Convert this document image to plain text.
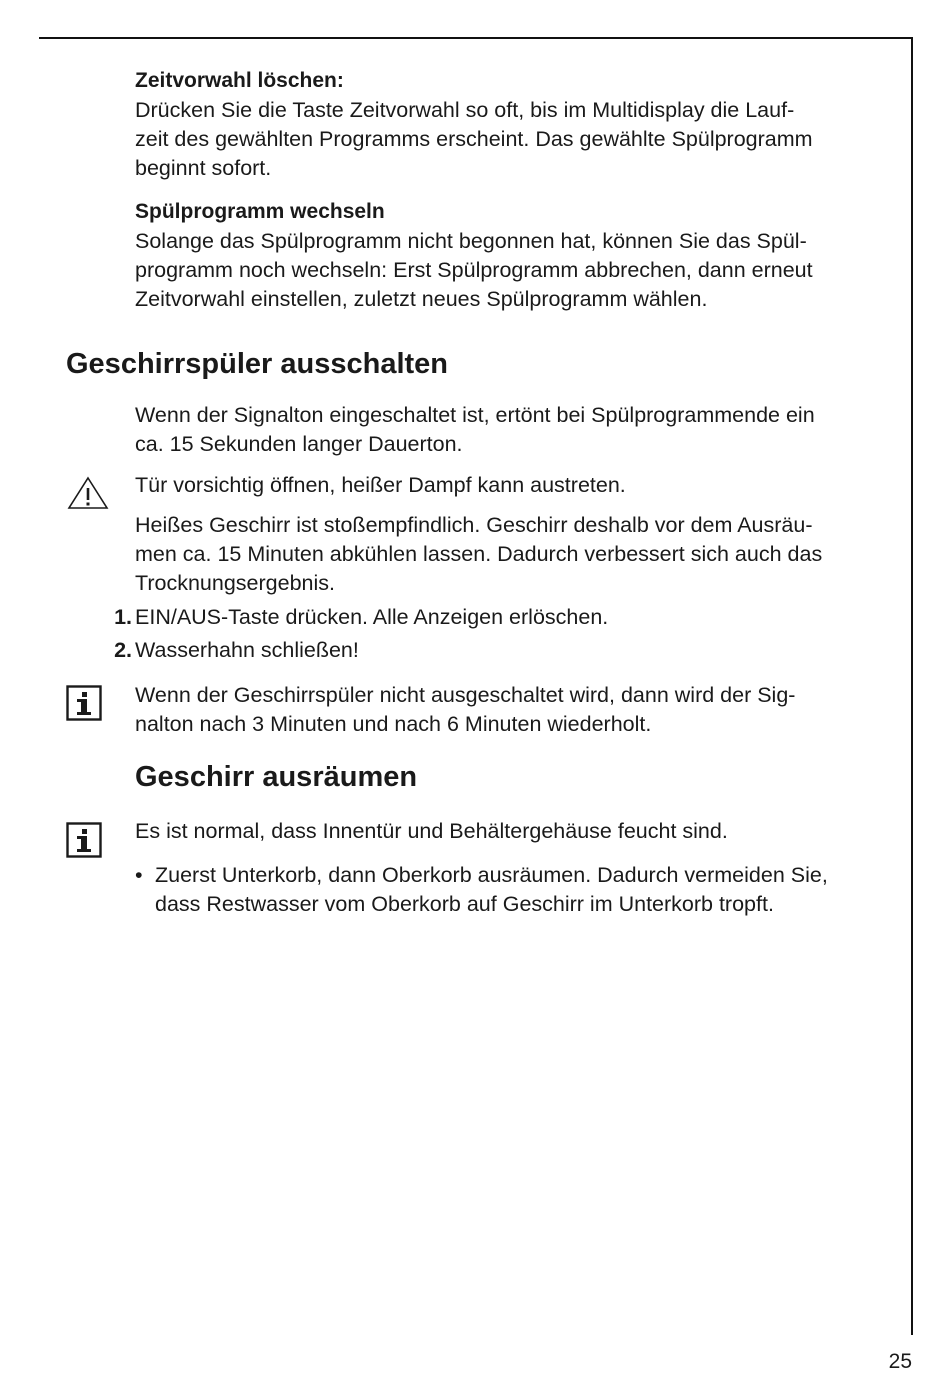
Zeitvorwahl löschen:
Drücken Sie die Taste Zeitvorwahl so oft, bis im Multidisplay die Lauf-
zeit des gewählten Programms erscheint. Das gewählte Spülprogramm
beginnt sofort.
Spülprogramm wechseln
Solange das Spülprogramm nicht begonnen hat, können Sie das Spül-
programm noch wechseln: Erst Spülprogramm abbrechen, dann erneut
Zeitvorwahl einstellen, zuletzt neues Spülprogramm wählen.
Geschirrspüler ausschalten
Wenn der Signalton eingeschaltet ist, ertönt bei Spülprogrammende ein
ca. 15 Sekunden langer Dauerton.
Tür vorsichtig öffnen, heißer Dampf kann austreten.
Heißes Geschirr ist stoßempfindlich. Geschirr deshalb vor dem Ausräu-
men ca. 15 Minuten abkühlen lassen. Dadurch verbessert sich auch das
Trocknungsergebnis.
1. EIN/AUS-Taste drücken. Alle Anzeigen erlöschen.
2. Wasserhahn schließen!
Wenn der Geschirrspüler nicht ausgeschaltet wird, dann wird der Sig-
nalton nach 3 Minuten und nach 6 Minuten wiederholt.
Geschirr ausräumen
Es ist normal, dass Innentür und Behältergehäuse feucht sind.
• Zuerst Unterkorb, dann Oberkorb ausräumen. Dadurch vermeiden Sie,
dass Restwasser vom Oberkorb auf Geschirr im Unterkorb tropft.
25
